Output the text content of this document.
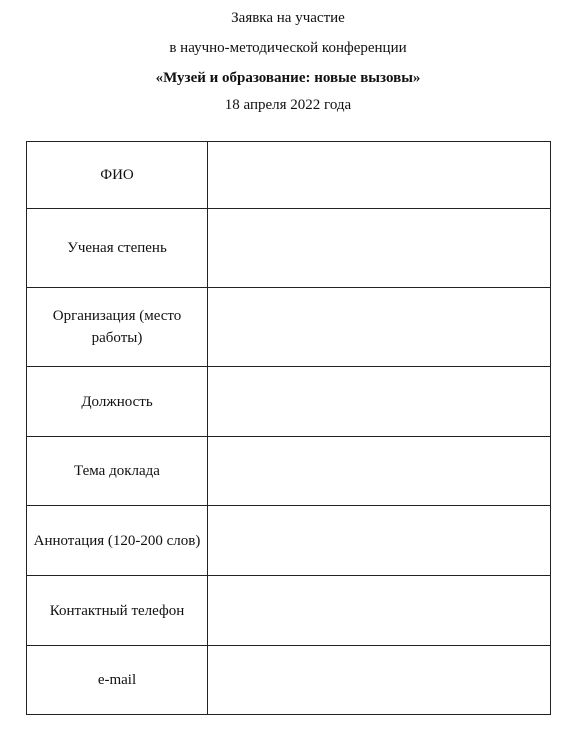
Заявка на участие
в научно-методической конференции
«Музей и образование: новые вызовы»
18 апреля 2022 года
ФИО	
Ученая степень	
Организация (место работы)	
Должность	
Тема доклада	
Аннотация (120-200 слов)	
Контактный телефон	
e-mail	
